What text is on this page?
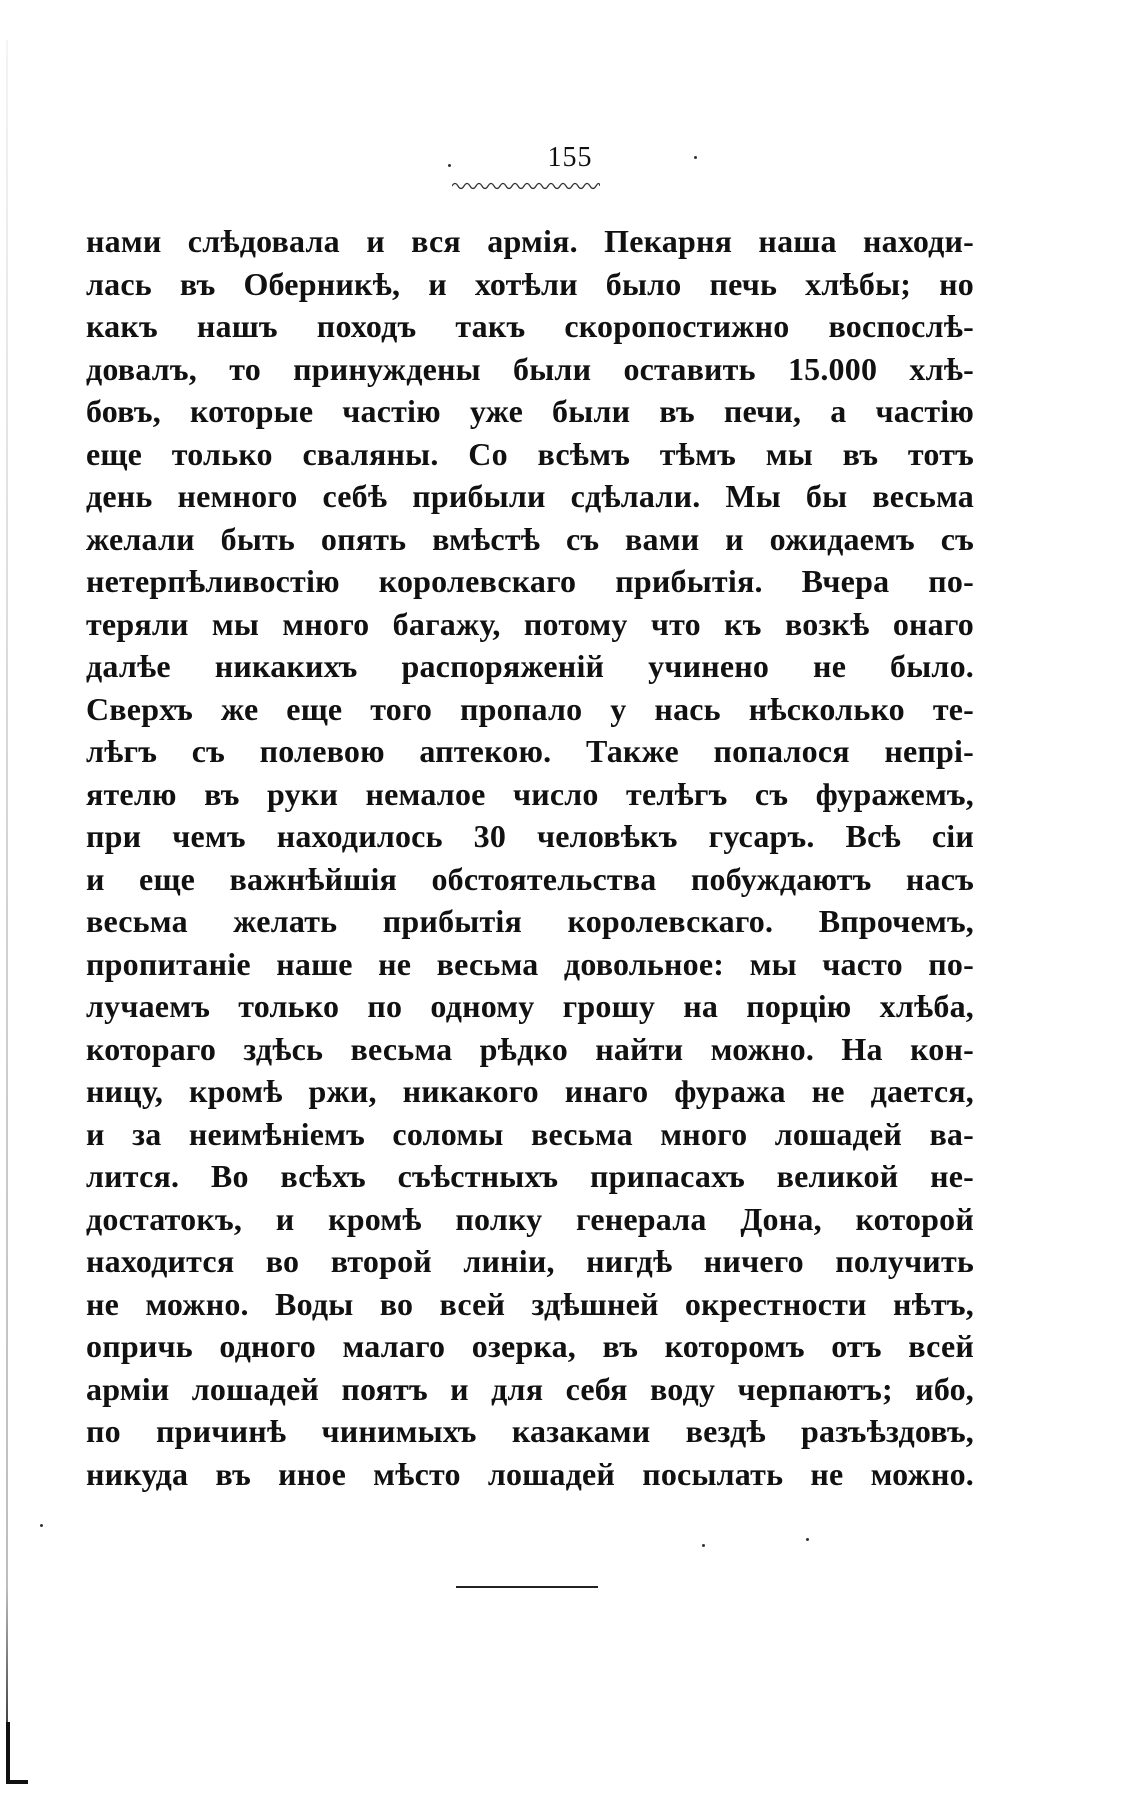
155
нами слѣдовала и вся армія. Пекарня наша находи-
лась въ Оберникѣ, и хотѣли было печь хлѣбы; но
какъ нашъ походъ такъ скоропостижно воспослѣ-
довалъ, то принуждены были оставить 15.000 хлѣ-
бовъ, которые частію уже были въ печи, а частію
еще только сваляны. Со всѣмъ тѣмъ мы въ тотъ
день немного себѣ прибыли сдѣлали. Мы бы весьма
желали быть опять вмѣстѣ съ вами и ожидаемъ съ
нетерпѣливостію королевскаго прибытія. Вчера по-
теряли мы много багажу, потому что къ возкѣ онаго
далѣе никакихъ распоряженій учинено не было.
Сверхъ же еще того пропало у нась нѣсколько те-
лѣгъ съ полевою аптекою. Также попалося непрі-
ятелю въ руки немалое число телѣгъ съ фуражемъ,
при чемъ находилось 30 человѣкъ гусаръ. Всѣ сіи
и еще важнѣйшія обстоятельства побуждаютъ насъ
весьма желать прибытія королевскаго. Впрочемъ,
пропитаніе наше не весьма довольное: мы часто по-
лучаемъ только по одному грошу на порцію хлѣба,
котораго здѣсь весьма рѣдко найти можно. На кон-
ницу, кромѣ ржи, никакого инаго фуража не дается,
и за неимѣніемъ соломы весьма много лошадей ва-
лится. Во всѣхъ съѣстныхъ припасахъ великой не-
достатокъ, и кромѣ полку генерала Дона, которой
находится во второй линіи, нигдѣ ничего получить
не можно. Воды во всей здѣшней окрестности нѣтъ,
опричь одного малаго озерка, въ которомъ отъ всей
арміи лошадей поятъ и для себя воду черпаютъ; ибо,
по причинѣ чинимыхъ казаками вездѣ разъѣздовъ,
никуда въ иное мѣсто лошадей посылать не можно.
